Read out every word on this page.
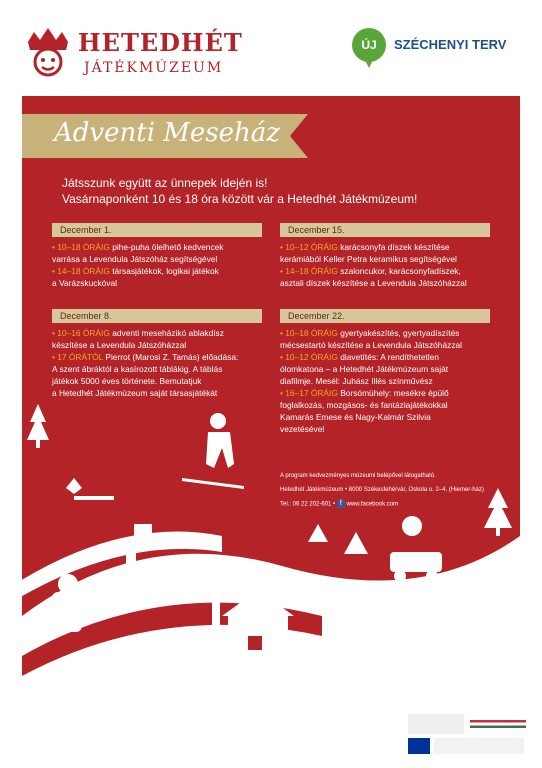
HETEDHÉT
JÁTÉKMÚZEUM
ÚJ	SZÉCHENYI TERV
Adventi Meseház
Játsszunk együtt az ünnepek idején is!
Vasárnaponként 10 és 18 óra között vár a Hetedhét Játékmúzeum!
December 1.
• 10–18 ÓRÁIG pihe-puha ölelhető kedvencek
varrása a Levendula Játszóház segítségével
• 14–18 ÓRÁIG társasjátékok, logikai játékok
a Varázskuckóval
December 15.
• 10–12 ÓRÁIG karácsonyfa díszek készítése
kerámiából Keller Petra keramikus segítségével
• 14–18 ÓRÁIG szaloncukor, karácsonyfadíszek,
asztali díszek készítése a Levendula Játszóházzal
December 8.
• 10–16 ÓRÁIG adventi meseházikó ablakdísz
készítése a Levendula Játszóházzal
• 17 ÓRÁTÓL Pierrot (Marosi Z. Tamás) előadása:
A szent ábráktól a kasírozott táblákig. A táblás
játékok 5000 éves története. Bemutatjuk
a Hetedhét Játékmúzeum saját társasjátékát
December 22.
• 10–18 ÓRÁIG gyertyakészítés, gyertyadíszítés
mécsestartó készítése a Levendula Játszóházzal
• 10–12 ÓRÁIG diavetítés: A rendíthetetlen
ólomkatona – a Hetedhét Játékmúzeum saját
diafilmje. Mesél: Juhász Illés színművész
• 16–17 ÓRÁIG Borsómühely: mesékre épülő
foglalkozás, mozgásos- és fantáziajátékokkal
Kamarás Emese és Nagy-Kalmár Szilvia
vezetésével
A program kedvezményes múzeumi belépővel látogatható.
Hetedhét Játékmúzeum • 8000 Székesfehérvár, Oskola u. 2–4. (Hiemer-ház)
Tel.: 06 22 202-601 • f www.facebook.com
